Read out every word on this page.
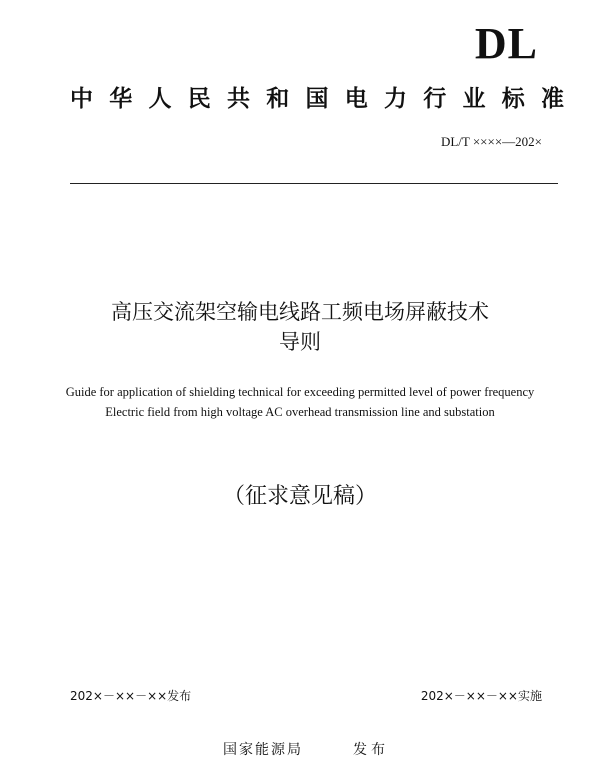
DL
中华人民共和国电力行业标准
DL/T ××××—202×
高压交流架空输电线路工频电场屏蔽技术
导则
Guide for application of shielding technical for exceeding permitted level of power frequency Electric field from high voltage AC overhead transmission line and substation
（征求意见稿）
202×－××－××发布	202×－××－××实施
国家能源局	发布
